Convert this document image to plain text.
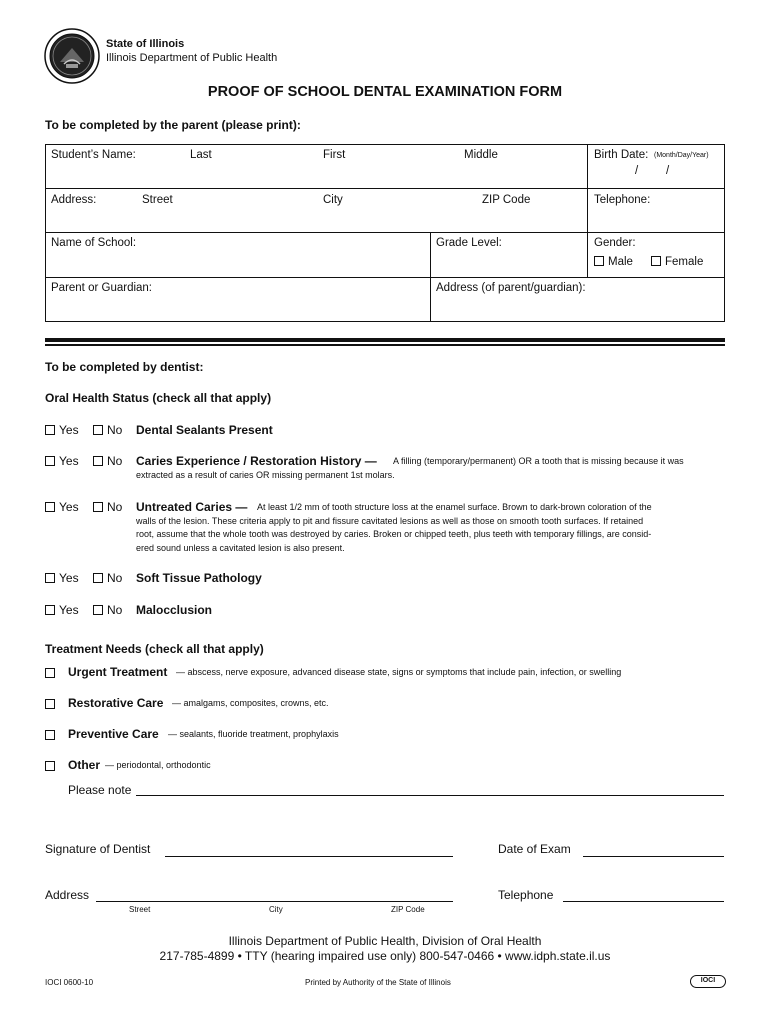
State of Illinois
Illinois Department of Public Health
PROOF OF SCHOOL DENTAL EXAMINATION FORM
To be completed by the parent (please print):
Student’s Name:	Last	First	Middle	Birth Date: (Month/Day/Year)
/ /
Address:	Street	City	ZIP Code	Telephone:
Name of School:	Grade Level:	Gender:
Male	Female
Parent or Guardian:	Address (of parent/guardian):
To be completed by dentist:
Oral Health Status (check all that apply)
Yes	No Dental Sealants Present
Yes	No Caries Experience / Restoration History — A filling (temporary/permanent) OR a tooth that is missing because it was
extracted as a result of caries OR missing permanent 1st molars.
Yes	No Untreated Caries — At least 1/2 mm of tooth structure loss at the enamel surface. Brown to dark-brown coloration of the
walls of the lesion. These criteria apply to pit and fissure cavitated lesions as well as those on smooth tooth surfaces. If retained
root, assume that the whole tooth was destroyed by caries. Broken or chipped teeth, plus teeth with temporary fillings, are consid-
ered sound unless a cavitated lesion is also present.
Yes	No Soft Tissue Pathology
Yes	No Malocclusion
Treatment Needs (check all that apply)
Urgent Treatment — abscess, nerve exposure, advanced disease state, signs or symptoms that include pain, infection, or swelling
Restorative Care — amalgams, composites, crowns, etc.
Preventive Care — sealants, fluoride treatment, prophylaxis
Other — periodontal, orthodontic
Please note
Signature of Dentist	Date of Exam
Address	Telephone
Street	City	ZIP Code
Illinois Department of Public Health, Division of Oral Health
217-785-4899 • TTY (hearing impaired use only) 800-547-0466 • www.idph.state.il.us
IOCI 0600-10	Printed by Authority of the State of Illinois	IOCI
